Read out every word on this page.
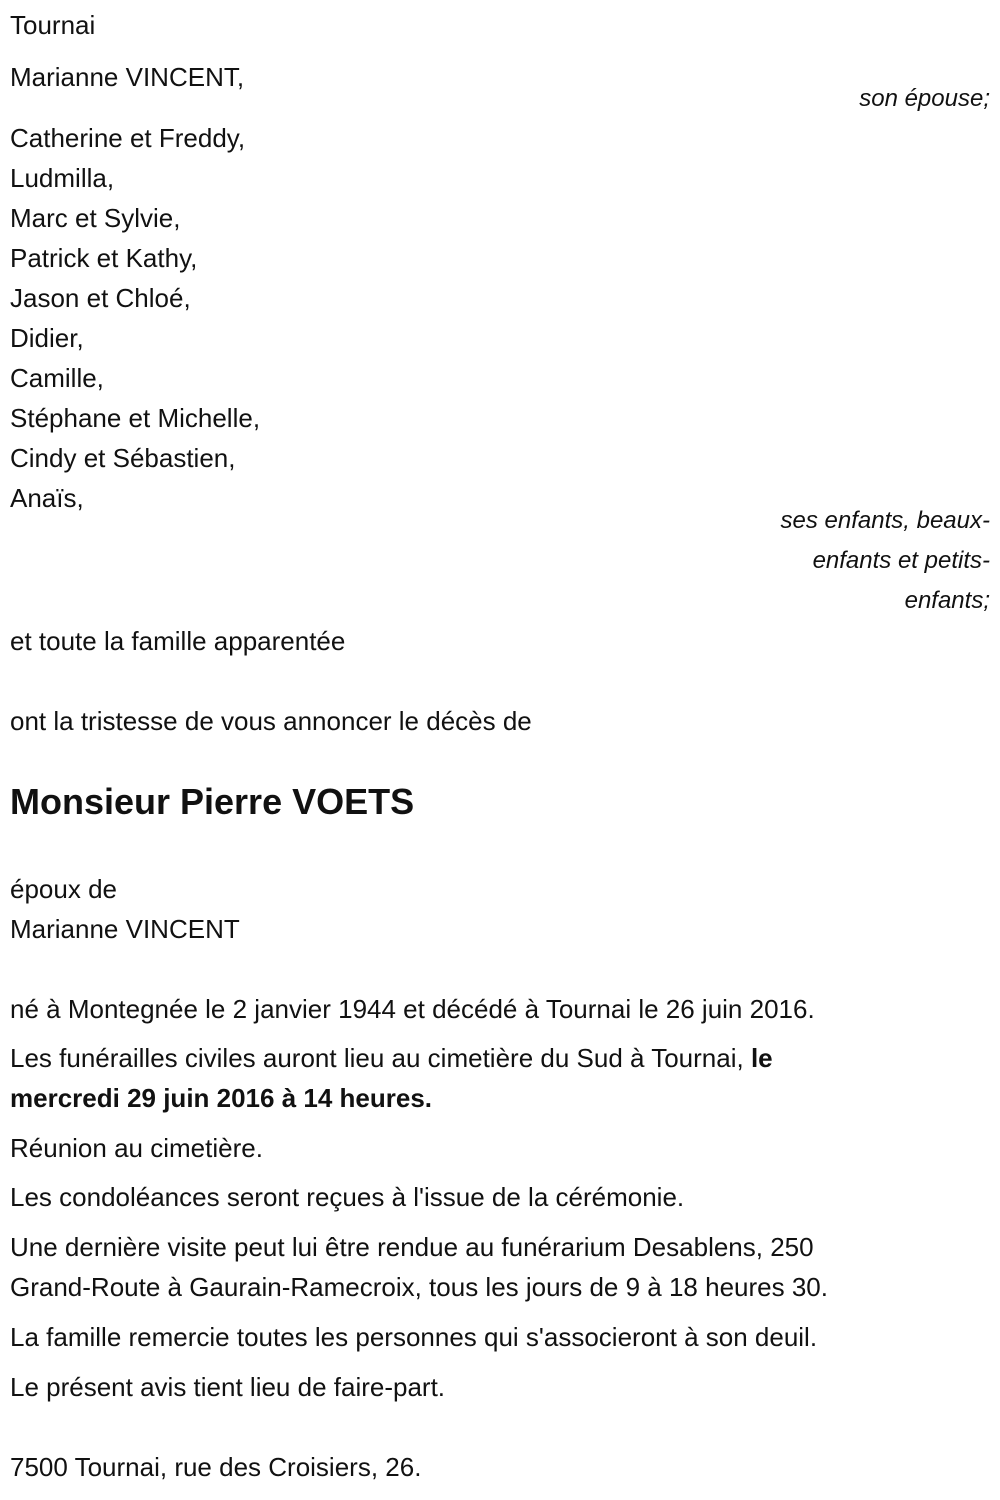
Tournai
Marianne VINCENT,
son épouse;
Catherine et Freddy,
Ludmilla,
Marc et Sylvie,
Patrick et Kathy,
Jason et Chloé,
Didier,
Camille,
Stéphane et Michelle,
Cindy et Sébastien,
Anaïs,
ses enfants, beaux-
enfants et petits-
enfants;
et toute la famille apparentée
ont la tristesse de vous annoncer le décès de
Monsieur Pierre VOETS
époux de
Marianne VINCENT
né à Montegnée le 2 janvier 1944 et décédé à Tournai le 26 juin 2016.
Les funérailles civiles auront lieu au cimetière du Sud à Tournai, le
mercredi 29 juin 2016 à 14 heures.
Réunion au cimetière.
Les condoléances seront reçues à l'issue de la cérémonie.
Une dernière visite peut lui être rendue au funérarium Desablens, 250
Grand-Route à Gaurain-Ramecroix, tous les jours de 9 à 18 heures 30.
La famille remercie toutes les personnes qui s'associeront à son deuil.
Le présent avis tient lieu de faire-part.
7500 Tournai, rue des Croisiers, 26.
